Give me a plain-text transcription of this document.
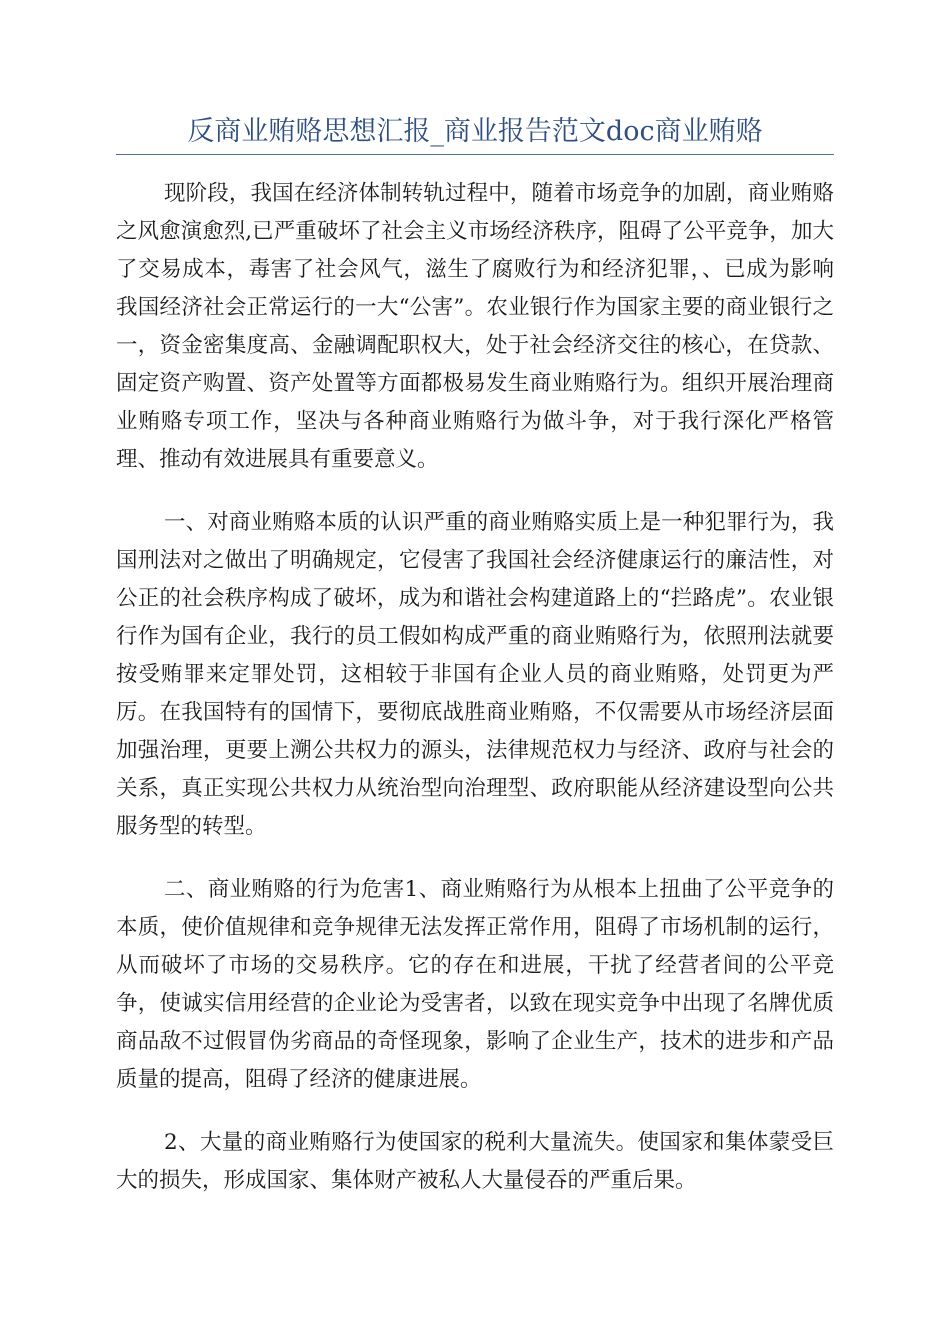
反商业贿赂思想汇报_商业报告范文doc商业贿赂

现阶段，我国在经济体制转轨过程中，随着市场竞争的加剧，商业贿赂之风愈演愈烈,已严重破坏了社会主义市场经济秩序，阻碍了公平竞争，加大了交易成本，毒害了社会风气，滋生了腐败行为和经济犯罪，、已成为影响我国经济社会正常运行的一大“公害”。农业银行作为国家主要的商业银行之一，资金密集度高、金融调配职权大，处于社会经济交往的核心，在贷款、固定资产购置、资产处置等方面都极易发生商业贿赂行为。组织开展治理商业贿赂专项工作，坚决与各种商业贿赂行为做斗争，对于我行深化严格管理、推动有效进展具有重要意义。

一、对商业贿赂本质的认识严重的商业贿赂实质上是一种犯罪行为，我国刑法对之做出了明确规定，它侵害了我国社会经济健康运行的廉洁性，对公正的社会秩序构成了破坏，成为和谐社会构建道路上的“拦路虎”。农业银行作为国有企业，我行的员工假如构成严重的商业贿赂行为，依照刑法就要按受贿罪来定罪处罚，这相较于非国有企业人员的商业贿赂，处罚更为严厉。在我国特有的国情下，要彻底战胜商业贿赂，不仅需要从市场经济层面加强治理，更要上溯公共权力的源头，法律规范权力与经济、政府与社会的关系，真正实现公共权力从统治型向治理型、政府职能从经济建设型向公共服务型的转型。

二、商业贿赂的行为危害1、商业贿赂行为从根本上扭曲了公平竞争的本质，使价值规律和竞争规律无法发挥正常作用，阻碍了市场机制的运行，从而破坏了市场的交易秩序。它的存在和进展，干扰了经营者间的公平竞争，使诚实信用经营的企业论为受害者，以致在现实竞争中出现了名牌优质商品敌不过假冒伪劣商品的奇怪现象，影响了企业生产，技术的进步和产品质量的提高，阻碍了经济的健康进展。

2、大量的商业贿赂行为使国家的税利大量流失。使国家和集体蒙受巨大的损失，形成国家、集体财产被私人大量侵吞的严重后果。
